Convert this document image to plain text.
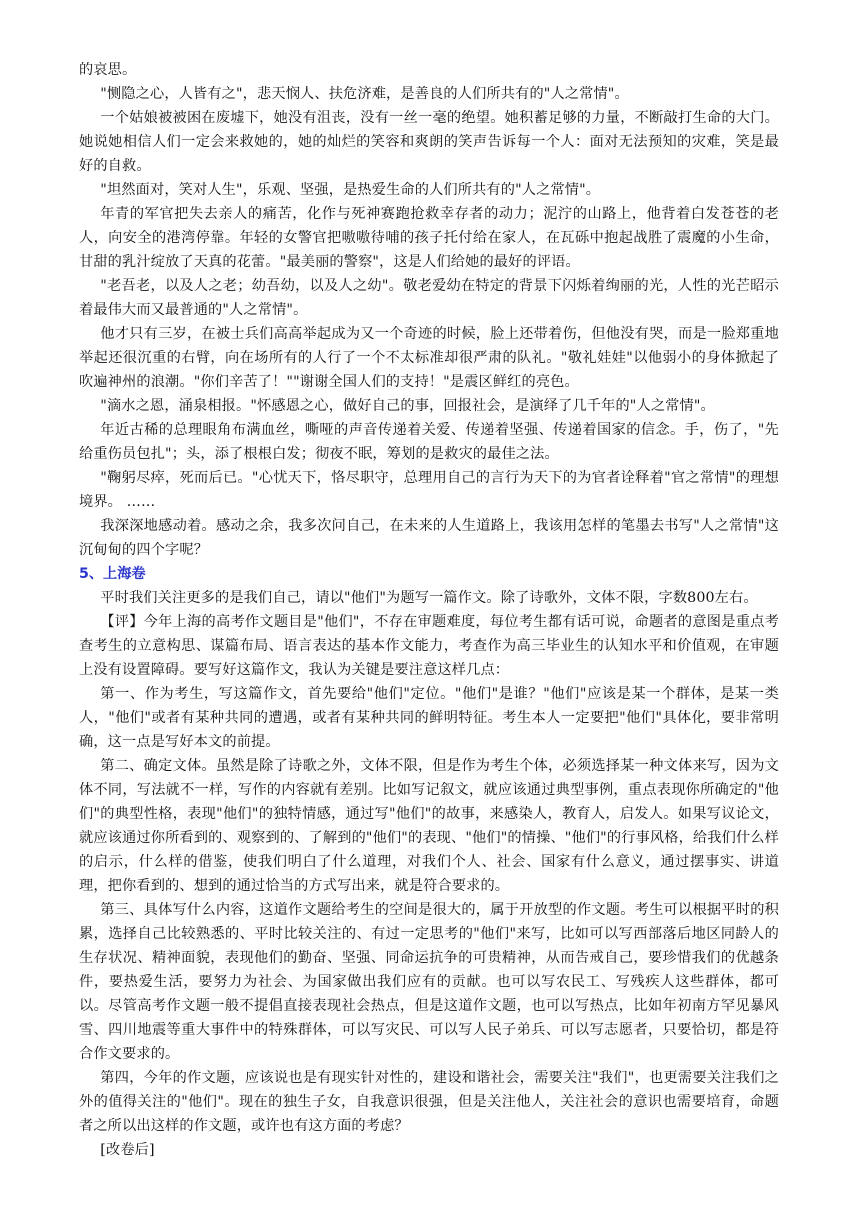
的哀思。

"恻隐之心，人皆有之"，悲天悯人、扶危济难，是善良的人们所共有的"人之常情"。

一个姑娘被被困在废墟下，她没有沮丧，没有一丝一毫的绝望。她积蓄足够的力量，不断敲打生命的大门。她说她相信人们一定会来救她的，她的灿烂的笑容和爽朗的笑声告诉每一个人：面对无法预知的灾难，笑是最好的自救。

"坦然面对，笑对人生"，乐观、坚强，是热爱生命的人们所共有的"人之常情"。

年青的军官把失去亲人的痛苦，化作与死神赛跑抢救幸存者的动力；泥泞的山路上，他背着白发苍苍的老人，向安全的港湾停靠。年轻的女警官把嗷嗷待哺的孩子托付给在家人，在瓦砾中抱起战胜了震魔的小生命，甘甜的乳汁绽放了天真的花蕾。"最美丽的警察"，这是人们给她的最好的评语。

"老吾老，以及人之老；幼吾幼，以及人之幼"。敬老爱幼在特定的背景下闪烁着绚丽的光，人性的光芒昭示着最伟大而又最普通的"人之常情"。

他才只有三岁，在被士兵们高高举起成为又一个奇迹的时候，脸上还带着伤，但他没有哭，而是一脸郑重地举起还很沉重的右臂，向在场所有的人行了一个不太标准却很严肃的队礼。"敬礼娃娃"以他弱小的身体掀起了吹遍神州的浪潮。"你们辛苦了！""谢谢全国人们的支持！"是震区鲜红的亮色。

"滴水之恩，涌泉相报。"怀感恩之心，做好自己的事，回报社会，是演绎了几千年的"人之常情"。

年近古稀的总理眼角布满血丝，嘶哑的声音传递着关爱、传递着坚强、传递着国家的信念。手，伤了，"先给重伤员包扎"；头，添了根根白发；彻夜不眠，筹划的是救灾的最佳之法。

"鞠躬尽瘁，死而后已。"心忧天下，恪尽职守，总理用自己的言行为天下的为官者诠释着"官之常情"的理想境界。 ……

我深深地感动着。感动之余，我多次问自己，在未来的人生道路上，我该用怎样的笔墨去书写"人之常情"这沉甸甸的四个字呢？

5、上海卷

平时我们关注更多的是我们自己，请以"他们"为题写一篇作文。除了诗歌外，文体不限，字数800左右。

【评】今年上海的高考作文题目是"他们"，不存在审题难度，每位考生都有话可说，命题者的意图是重点考查考生的立意构思、谋篇布局、语言表达的基本作文能力，考查作为高三毕业生的认知水平和价值观，在审题上没有设置障碍。要写好这篇作文，我认为关键是要注意这样几点：

第一、作为考生，写这篇作文，首先要给"他们"定位。"他们"是谁？"他们"应该是某一个群体，是某一类人，"他们"或者有某种共同的遭遇，或者有某种共同的鲜明特征。考生本人一定要把"他们"具体化，要非常明确，这一点是写好本文的前提。

第二、确定文体。虽然是除了诗歌之外，文体不限，但是作为考生个体，必须选择某一种文体来写，因为文体不同，写法就不一样，写作的内容就有差别。比如写记叙文，就应该通过典型事例，重点表现你所确定的"他们"的典型性格，表现"他们"的独特情感，通过写"他们"的故事，来感染人，教育人，启发人。如果写议论文，就应该通过你所看到的、观察到的、了解到的"他们"的表现、"他们"的情操、"他们"的行事风格，给我们什么样的启示，什么样的借鉴，使我们明白了什么道理，对我们个人、社会、国家有什么意义，通过摆事实、讲道理，把你看到的、想到的通过恰当的方式写出来，就是符合要求的。

第三、具体写什么内容，这道作文题给考生的空间是很大的，属于开放型的作文题。考生可以根据平时的积累，选择自己比较熟悉的、平时比较关注的、有过一定思考的"他们"来写，比如可以写西部落后地区同龄人的生存状况、精神面貌，表现他们的勤奋、坚强、同命运抗争的可贵精神，从而告戒自己，要珍惜我们的优越条件，要热爱生活，要努力为社会、为国家做出我们应有的贡献。也可以写农民工、写残疾人这些群体，都可以。尽管高考作文题一般不提倡直接表现社会热点，但是这道作文题，也可以写热点，比如年初南方罕见暴风雪、四川地震等重大事件中的特殊群体，可以写灾民、可以写人民子弟兵、可以写志愿者，只要恰切，都是符合作文要求的。

第四，今年的作文题，应该说也是有现实针对性的，建设和谐社会，需要关注"我们"，也更需要关注我们之外的值得关注的"他们"。现在的独生子女，自我意识很强，但是关注他人，关注社会的意识也需要培育，命题者之所以出这样的作文题，或许也有这方面的考虑？

[改卷后]
